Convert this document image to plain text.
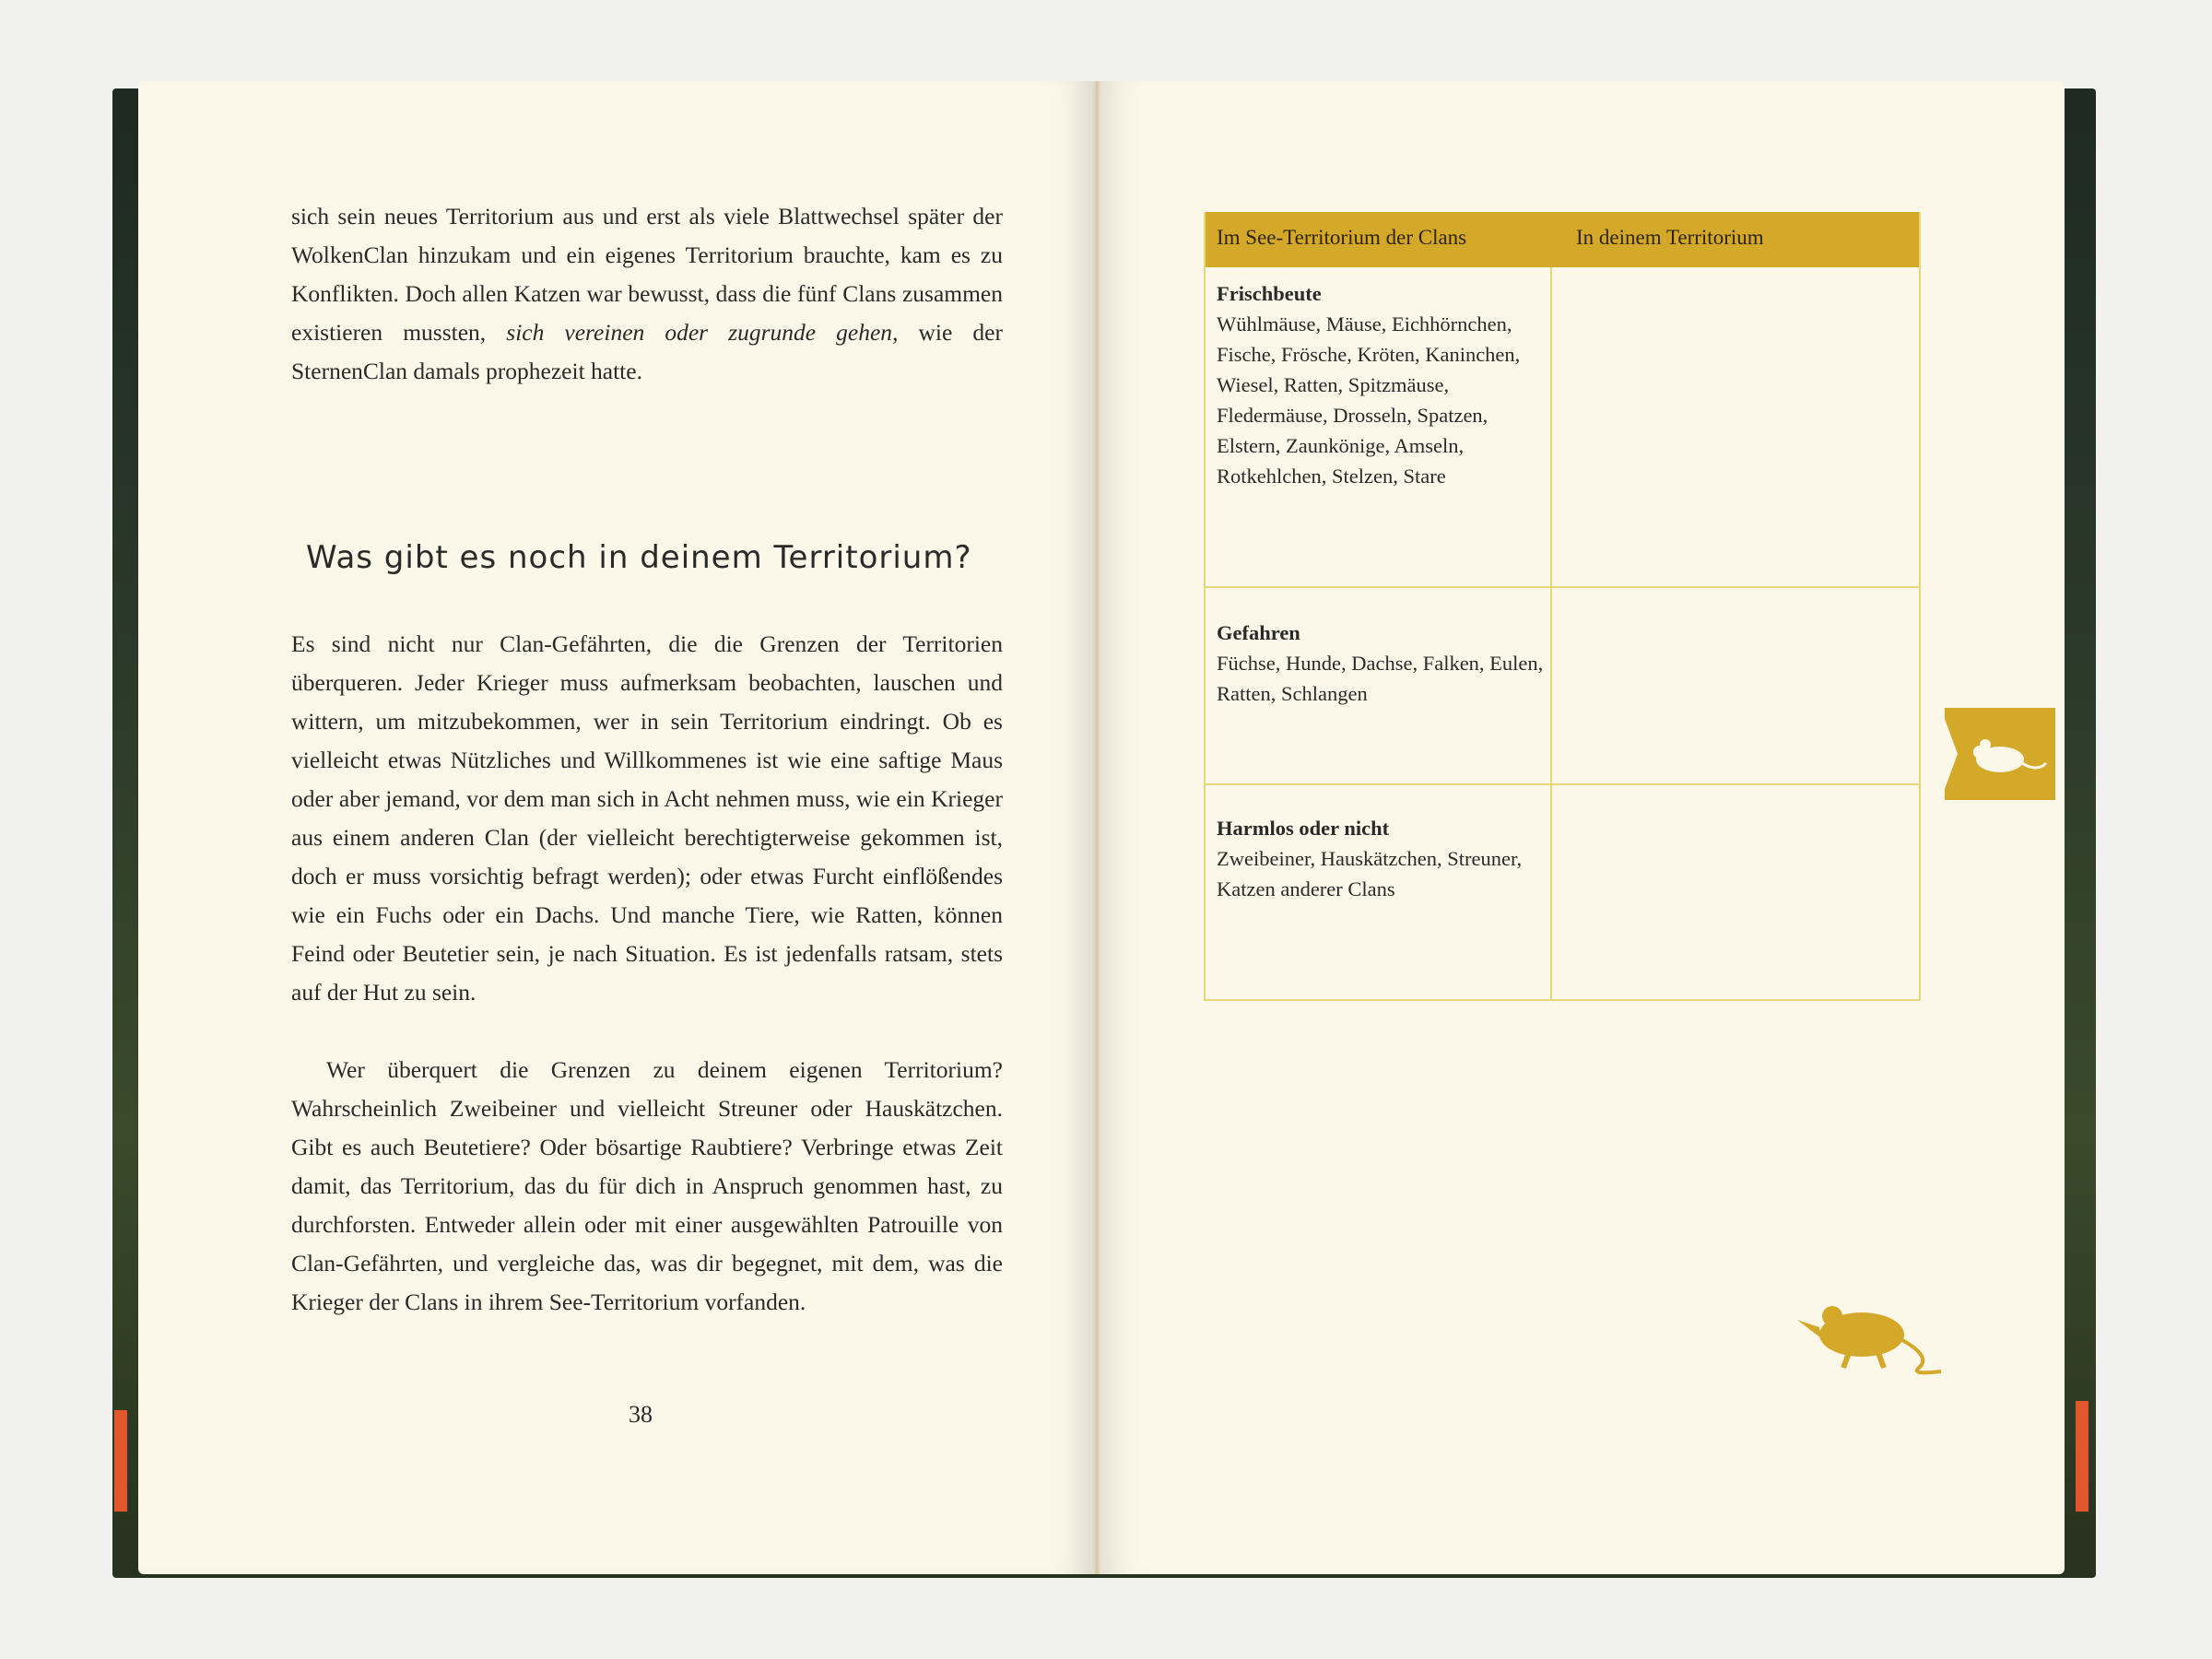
sich sein neues Territorium aus und erst als viele Blattwechsel später der WolkenClan hinzukam und ein eigenes Territorium brauchte, kam es zu Konflikten. Doch allen Katzen war bewusst, dass die fünf Clans zusammen existieren mussten, sich vereinen oder zugrunde gehen, wie der SternenClan damals prophezeit hatte.
Was gibt es noch in deinem Territorium?
Es sind nicht nur Clan-Gefährten, die die Grenzen der Territorien überqueren. Jeder Krieger muss aufmerksam beobachten, lauschen und wittern, um mitzubekommen, wer in sein Territorium eindringt. Ob es vielleicht etwas Nützliches und Willkommenes ist wie eine saftige Maus oder aber jemand, vor dem man sich in Acht nehmen muss, wie ein Krieger aus einem anderen Clan (der vielleicht berechtigterweise gekommen ist, doch er muss vorsichtig befragt werden); oder etwas Furcht einflößendes wie ein Fuchs oder ein Dachs. Und manche Tiere, wie Ratten, können Feind oder Beutetier sein, je nach Situation. Es ist jedenfalls ratsam, stets auf der Hut zu sein.
Wer überquert die Grenzen zu deinem eigenen Territorium? Wahrscheinlich Zweibeiner und vielleicht Streuner oder Hauskätzchen. Gibt es auch Beutetiere? Oder bösartige Raubtiere? Verbringe etwas Zeit damit, das Territorium, das du für dich in Anspruch genommen hast, zu durchforsten. Entweder allein oder mit einer ausgewählten Patrouille von Clan-Gefährten, und vergleiche das, was dir begegnet, mit dem, was die Krieger der Clans in ihrem See-Territorium vorfanden.
38
Im See-Territorium der Clans	In deinem Territorium
Frischbeute
Wühlmäuse, Mäuse, Eichhörnchen, Fische, Frösche, Kröten, Kaninchen, Wiesel, Ratten, Spitzmäuse, Fledermäuse, Drosseln, Spatzen, Elstern, Zaunkönige, Amseln, Rotkehlchen, Stelzen, Stare
Gefahren
Füchse, Hunde, Dachse, Falken, Eulen, Ratten, Schlangen
Harmlos oder nicht
Zweibeiner, Hauskätzchen, Streuner, Katzen anderer Clans
